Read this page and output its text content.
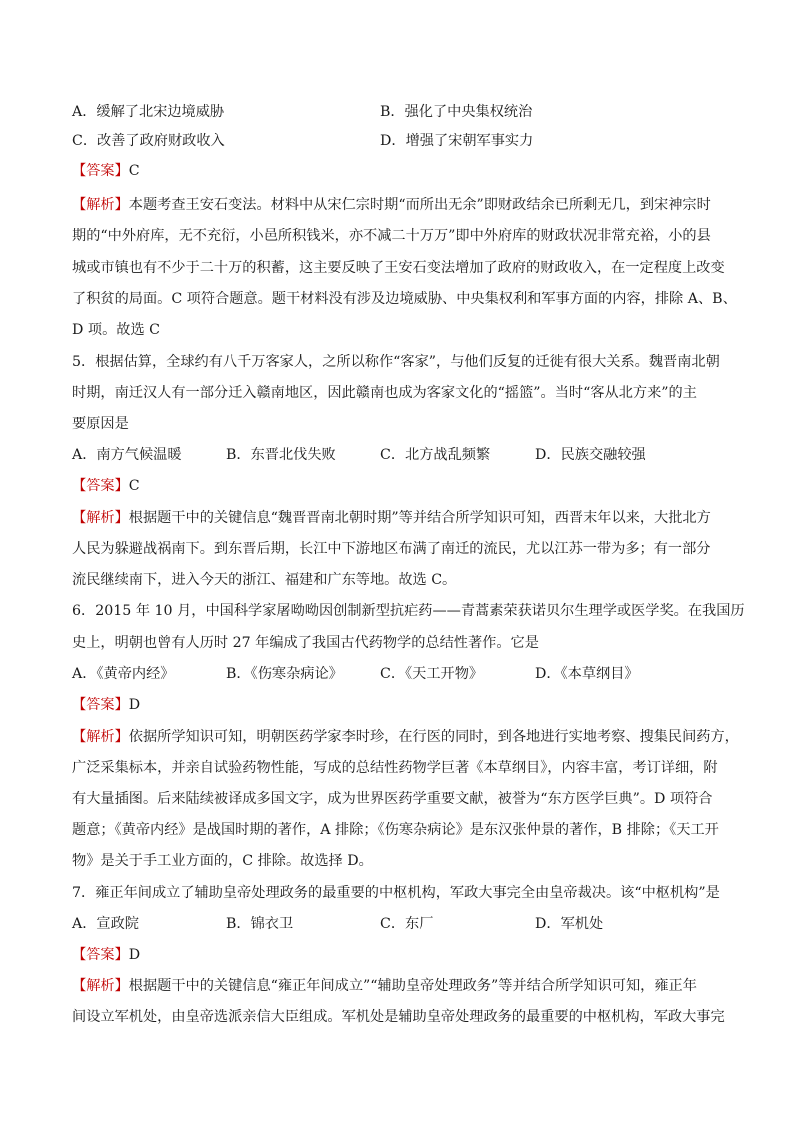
A．缓解了北宋边境威胁	B．强化了中央集权统治
C．改善了政府财政收入	D．增强了宋朝军事实力
【答案】C
【解析】本题考查王安石变法。材料中从宋仁宗时期“而所出无余”即财政结余已所剩无几，到宋神宗时
期的“中外府库，无不充衍，小邑所积钱米，亦不减二十万万”即中外府库的财政状况非常充裕，小的县
城或市镇也有不少于二十万的积蓄，这主要反映了王安石变法增加了政府的财政收入，在一定程度上改变
了积贫的局面。C 项符合题意。题干材料没有涉及边境威胁、中央集权利和军事方面的内容，排除 A、B、
D 项。故选 C
5．根据估算，全球约有八千万客家人，之所以称作“客家”，与他们反复的迁徙有很大关系。魏晋南北朝
时期，南迁汉人有一部分迁入赣南地区，因此赣南也成为客家文化的“摇篮”。当时“客从北方来”的主
要原因是
A．南方气候温暖	B．东晋北伐失败	C．北方战乱频繁	D．民族交融较强
【答案】C
【解析】根据题干中的关键信息“魏晋晋南北朝时期”等并结合所学知识可知，西晋末年以来，大批北方
人民为躲避战祸南下。到东晋后期，长江中下游地区布满了南迁的流民，尤以江苏一带为多；有一部分
流民继续南下，进入今天的浙江、福建和广东等地。故选 C。
6．2015 年 10 月，中国科学家屠呦呦因创制新型抗疟药——青蒿素荣获诺贝尔生理学或医学奖。在我国历
史上，明朝也曾有人历时 27 年编成了我国古代药物学的总结性著作。它是
A．《黄帝内经》	B．《伤寒杂病论》	C．《天工开物》	D．《本草纲目》
【答案】D
【解析】依据所学知识可知，明朝医药学家李时珍，在行医的同时，到各地进行实地考察、搜集民间药方，
广泛采集标本，并亲自试验药物性能，写成的总结性药物学巨著《本草纲目》，内容丰富，考订详细，附
有大量插图。后来陆续被译成多国文字，成为世界医药学重要文献，被誉为“东方医学巨典”。D 项符合
题意；《黄帝内经》是战国时期的著作，A 排除；《伤寒杂病论》是东汉张仲景的著作，B 排除；《天工开
物》是关于手工业方面的，C 排除。故选择 D。
7．雍正年间成立了辅助皇帝处理政务的最重要的中枢机构，军政大事完全由皇帝裁决。该“中枢机构”是
A．宣政院	B．锦衣卫	C．东厂	D．军机处
【答案】D
【解析】根据题干中的关键信息“雍正年间成立”“辅助皇帝处理政务”等并结合所学知识可知，雍正年
间设立军机处，由皇帝选派亲信大臣组成。军机处是辅助皇帝处理政务的最重要的中枢机构，军政大事完
